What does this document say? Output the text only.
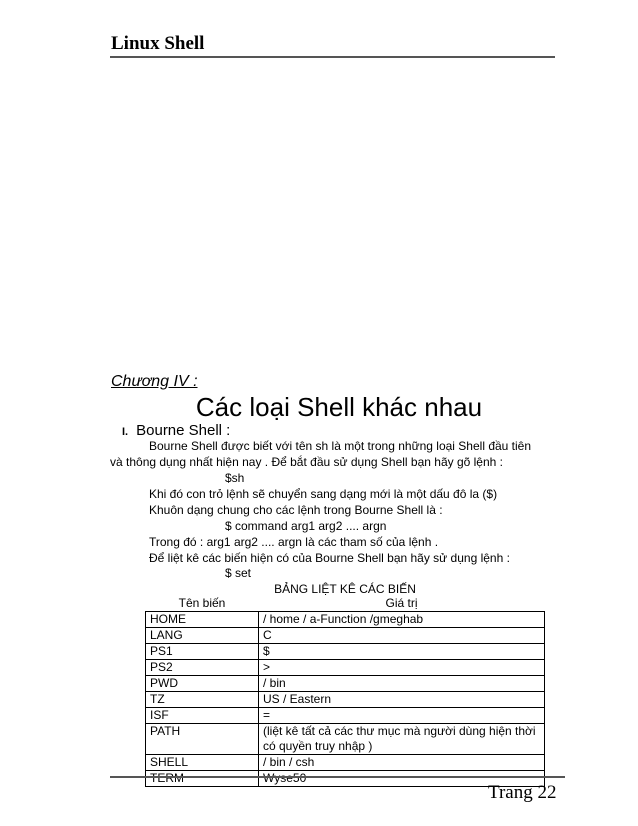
Linux Shell
Chương IV :
Các loại Shell khác nhau
I. Bourne Shell :
Bourne Shell được biết với tên sh là một trong những loại Shell đầu tiên
và thông dụng nhất hiện nay . Để bắt đầu sử dụng Shell bạn hãy gõ lệnh :
$sh
Khi đó con trỏ lệnh sẽ chuyển sang dạng mới là một dấu đô la ($)
Khuôn dạng chung cho các lệnh trong Bourne Shell là :
$ command arg1 arg2 .... argn
Trong đó : arg1 arg2 .... argn là các tham số của lệnh .
Để liệt kê các biến hiện có của Bourne Shell bạn hãy sử dụng lệnh :
$ set
BẢNG LIỆT KÊ CÁC BIẾN	
Tên biến	Giá trị
HOME	/ home / a-Function /gmeghab
LANG	C
PS1	$
PS2	>
PWD	/ bin
TZ	US / Eastern
ISF	=
PATH	(liệt kê tất cả các thư mục mà người dùng hiện thời có quyền truy nhập )
SHELL	/ bin / csh
TERM	Wyse50
Trang 22
